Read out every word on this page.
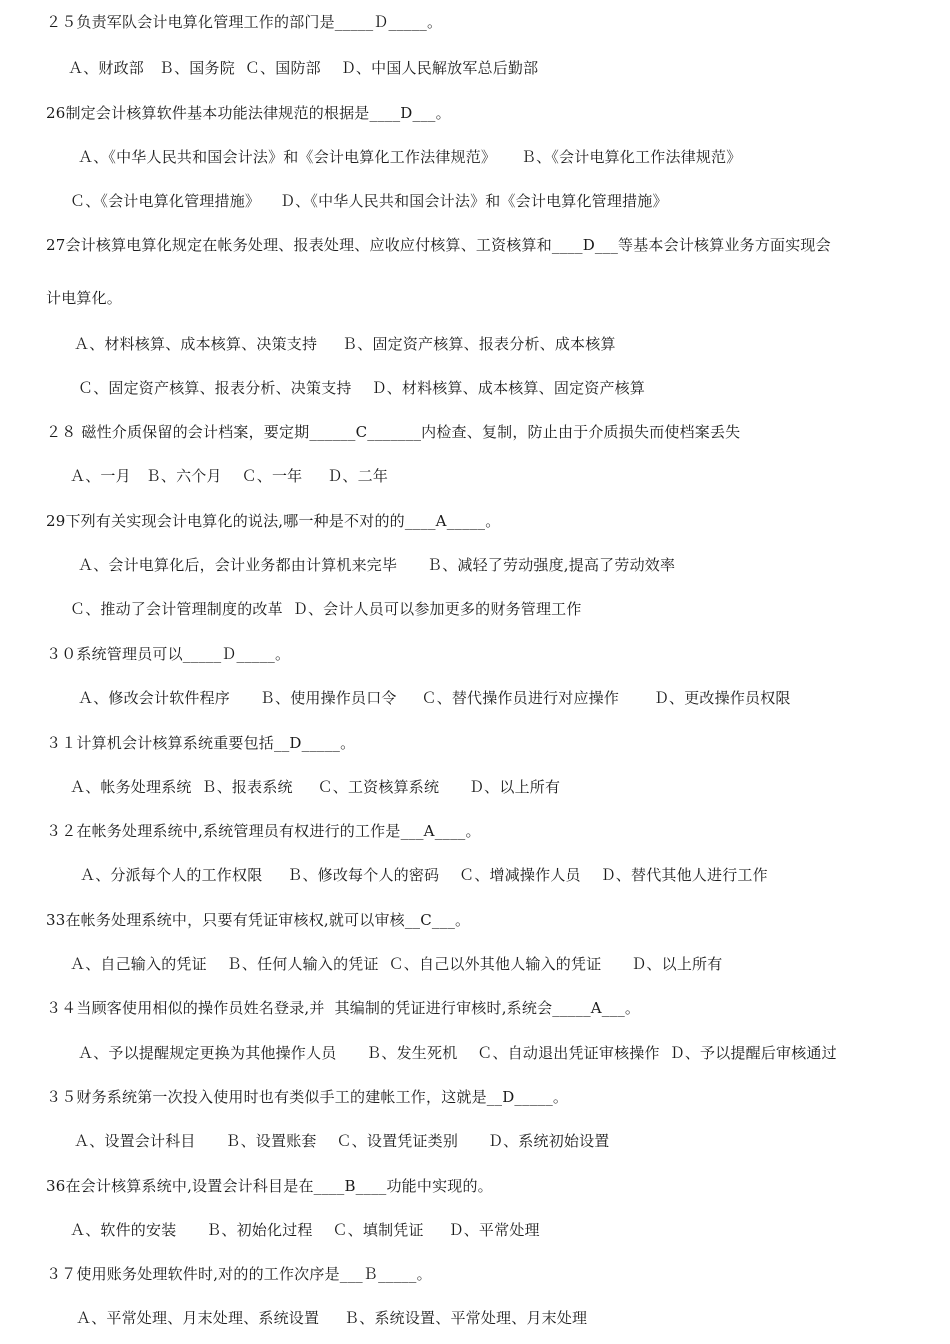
２５负责军队会计电算化管理工作的部门是_____Ｄ_____。
Ａ、财政部   Ｂ、国务院  Ｃ、国防部    Ｄ、中国人民解放军总后勤部
26制定会计核算软件基本功能法律规范的根据是____D___。
Ａ、《中华人民共和国会计法》和《会计电算化工作法律规范》     Ｂ、《会计电算化工作法律规范》
Ｃ、《会计电算化管理措施》    Ｄ、《中华人民共和国会计法》和《会计电算化管理措施》
27会计核算电算化规定在帐务处理、报表处理、应收应付核算、工资核算和____D___等基本会计核算业务方面实现会
计电算化。
Ａ、材料核算、成本核算、决策支持     Ｂ、固定资产核算、报表分析、成本核算
Ｃ、固定资产核算、报表分析、决策支持    Ｄ、材料核算、成本核算、固定资产核算
２８ 磁性介质保留的会计档案，要定期______C_______内检查、复制，防止由于介质损失而使档案丢失
Ａ、一月   Ｂ、六个月    Ｃ、一年     Ｄ、二年
29下列有关实现会计电算化的说法,哪一种是不对的的____A_____。
Ａ、会计电算化后，会计业务都由计算机来完毕      Ｂ、减轻了劳动强度,提高了劳动效率
Ｃ、推动了会计管理制度的改革  Ｄ、会计人员可以参加更多的财务管理工作
３０系统管理员可以_____Ｄ_____。
Ａ、修改会计软件程序      Ｂ、使用操作员口令     Ｃ、替代操作员进行对应操作       Ｄ、更改操作员权限
３１计算机会计核算系统重要包括__D_____。
Ａ、帐务处理系统  Ｂ、报表系统     Ｃ、工资核算系统      Ｄ、以上所有
３２在帐务处理系统中,系统管理员有权进行的工作是___A____。
Ａ、分派每个人的工作权限     Ｂ、修改每个人的密码    Ｃ、增减操作人员    Ｄ、替代其他人进行工作
33在帐务处理系统中，只要有凭证审核权,就可以审核__C___。
Ａ、自己输入的凭证    Ｂ、任何人输入的凭证  Ｃ、自己以外其他人输入的凭证      Ｄ、以上所有
３４当顾客使用相似的操作员姓名登录,并  其编制的凭证进行审核时,系统会_____A___。
Ａ、予以提醒规定更换为其他操作人员      Ｂ、发生死机    Ｃ、自动退出凭证审核操作  Ｄ、予以提醒后审核通过
３５财务系统第一次投入使用时也有类似手工的建帐工作，这就是__D_____。
Ａ、设置会计科目      Ｂ、设置账套    Ｃ、设置凭证类别      Ｄ、系统初始设置
36在会计核算系统中,设置会计科目是在____B____功能中实现的。
Ａ、软件的安装      Ｂ、初始化过程    Ｃ、填制凭证     Ｄ、平常处理
３７使用账务处理软件时,对的的工作次序是___Ｂ_____。
Ａ、平常处理、月末处理、系统设置     Ｂ、系统设置、平常处理、月末处理
